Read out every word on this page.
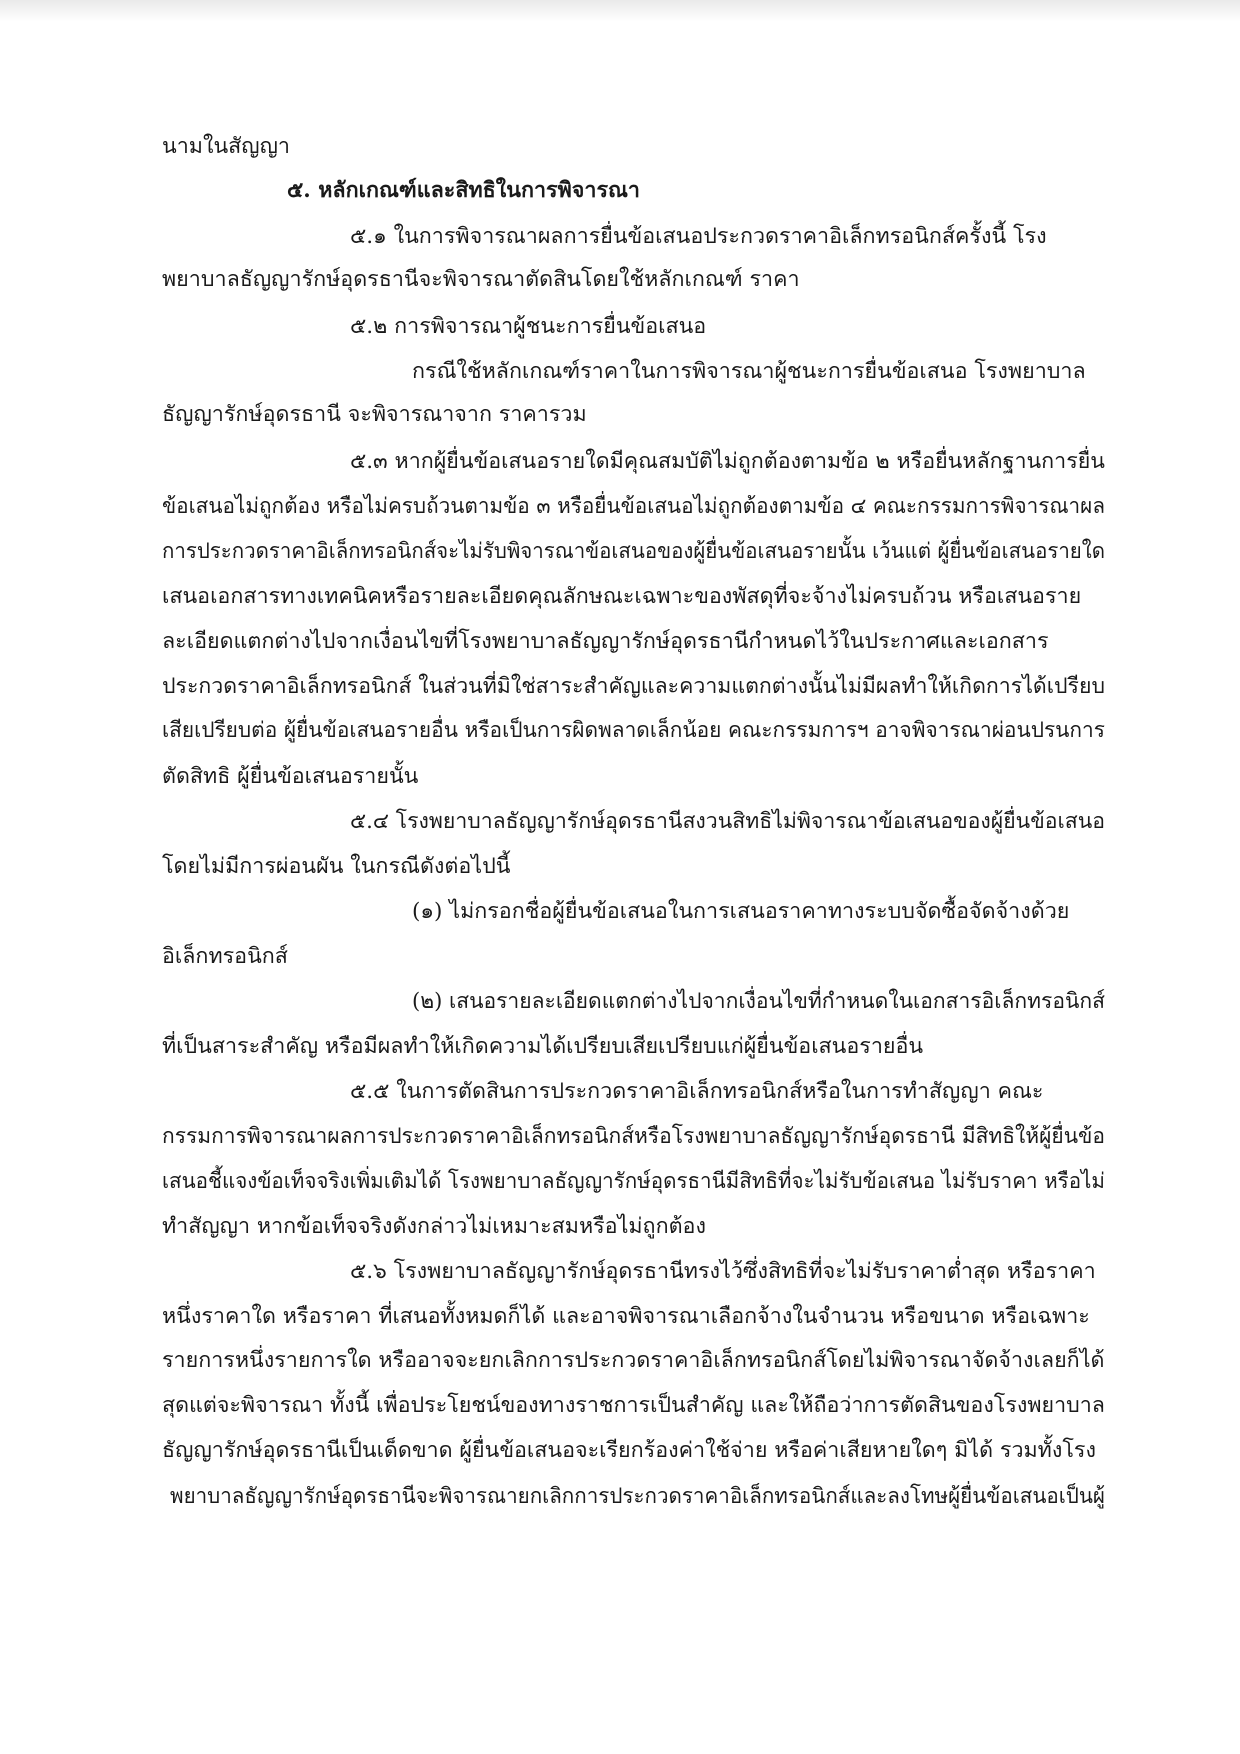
นามในสัญญา
๕. หลักเกณฑ์และสิทธิในการพิจารณา
๕.๑ ในการพิจารณาผลการยื่นข้อเสนอประกวดราคาอิเล็กทรอนิกส์ครั้งนี้ โรง
พยาบาลธัญญารักษ์อุดรธานีจะพิจารณาตัดสินโดยใช้หลักเกณฑ์ ราคา
๕.๒ การพิจารณาผู้ชนะการยื่นข้อเสนอ
กรณีใช้หลักเกณฑ์ราคาในการพิจารณาผู้ชนะการยื่นข้อเสนอ โรงพยาบาล
ธัญญารักษ์อุดรธานี จะพิจารณาจาก ราคารวม
๕.๓ หากผู้ยื่นข้อเสนอรายใดมีคุณสมบัติไม่ถูกต้องตามข้อ ๒ หรือยื่นหลักฐานการยื่น
ข้อเสนอไม่ถูกต้อง หรือไม่ครบถ้วนตามข้อ ๓ หรือยื่นข้อเสนอไม่ถูกต้องตามข้อ ๔ คณะกรรมการพิจารณาผล
การประกวดราคาอิเล็กทรอนิกส์จะไม่รับพิจารณาข้อเสนอของผู้ยื่นข้อเสนอรายนั้น เว้นแต่ ผู้ยื่นข้อเสนอรายใด
เสนอเอกสารทางเทคนิคหรือรายละเอียดคุณลักษณะเฉพาะของพัสดุที่จะจ้างไม่ครบถ้วน หรือเสนอราย
ละเอียดแตกต่างไปจากเงื่อนไขที่โรงพยาบาลธัญญารักษ์อุดรธานีกำหนดไว้ในประกาศและเอกสาร
ประกวดราคาอิเล็กทรอนิกส์ ในส่วนที่มิใช่สาระสำคัญและความแตกต่างนั้นไม่มีผลทำให้เกิดการได้เปรียบ
เสียเปรียบต่อ ผู้ยื่นข้อเสนอรายอื่น หรือเป็นการผิดพลาดเล็กน้อย คณะกรรมการฯ อาจพิจารณาผ่อนปรนการ
ตัดสิทธิ ผู้ยื่นข้อเสนอรายนั้น
๕.๔ โรงพยาบาลธัญญารักษ์อุดรธานีสงวนสิทธิไม่พิจารณาข้อเสนอของผู้ยื่นข้อเสนอ
โดยไม่มีการผ่อนผัน ในกรณีดังต่อไปนี้
(๑) ไม่กรอกชื่อผู้ยื่นข้อเสนอในการเสนอราคาทางระบบจัดซื้อจัดจ้างด้วย
อิเล็กทรอนิกส์
(๒) เสนอรายละเอียดแตกต่างไปจากเงื่อนไขที่กำหนดในเอกสารอิเล็กทรอนิกส์
ที่เป็นสาระสำคัญ หรือมีผลทำให้เกิดความได้เปรียบเสียเปรียบแก่ผู้ยื่นข้อเสนอรายอื่น
๕.๕ ในการตัดสินการประกวดราคาอิเล็กทรอนิกส์หรือในการทำสัญญา คณะ
กรรมการพิจารณาผลการประกวดราคาอิเล็กทรอนิกส์หรือโรงพยาบาลธัญญารักษ์อุดรธานี มีสิทธิให้ผู้ยื่นข้อ
เสนอชี้แจงข้อเท็จจริงเพิ่มเติมได้ โรงพยาบาลธัญญารักษ์อุดรธานีมีสิทธิที่จะไม่รับข้อเสนอ ไม่รับราคา หรือไม่
ทำสัญญา หากข้อเท็จจริงดังกล่าวไม่เหมาะสมหรือไม่ถูกต้อง
๕.๖ โรงพยาบาลธัญญารักษ์อุดรธานีทรงไว้ซึ่งสิทธิที่จะไม่รับราคาต่ำสุด หรือราคา
หนึ่งราคาใด หรือราคา ที่เสนอทั้งหมดก็ได้ และอาจพิจารณาเลือกจ้างในจำนวน หรือขนาด หรือเฉพาะ
รายการหนึ่งรายการใด หรืออาจจะยกเลิกการประกวดราคาอิเล็กทรอนิกส์โดยไม่พิจารณาจัดจ้างเลยก็ได้
สุดแต่จะพิจารณา ทั้งนี้ เพื่อประโยชน์ของทางราชการเป็นสำคัญ และให้ถือว่าการตัดสินของโรงพยาบาล
ธัญญารักษ์อุดรธานีเป็นเด็ดขาด ผู้ยื่นข้อเสนอจะเรียกร้องค่าใช้จ่าย หรือค่าเสียหายใดๆ มิได้ รวมทั้งโรง
พยาบาลธัญญารักษ์อุดรธานีจะพิจารณายกเลิกการประกวดราคาอิเล็กทรอนิกส์และลงโทษผู้ยื่นข้อเสนอเป็นผู้
